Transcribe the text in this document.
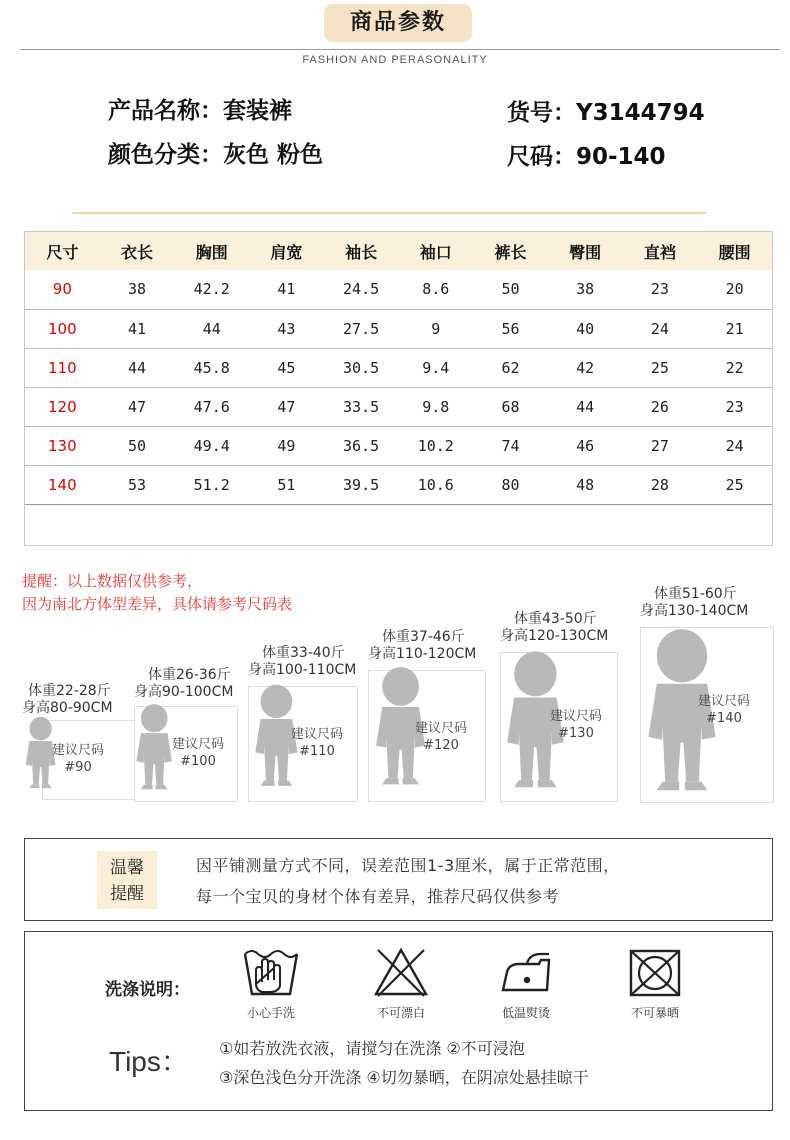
商品参数
FASHION AND PERASONALITY
产品名称：套装裤
颜色分类：灰色 粉色
货号：Y3144794
尺码：90-140
尺寸	衣长	胸围	肩宽	袖长	袖口	裤长	臀围	直裆	腰围
90	38	42.2	41	24.5	8.6	50	38	23	20
100	41	44	43	27.5	9	56	40	24	21
110	44	45.8	45	30.5	9.4	62	42	25	22
120	47	47.6	47	33.5	9.8	68	44	26	23
130	50	49.4	49	36.5	10.2	74	46	27	24
140	53	51.2	51	39.5	10.6	80	48	28	25
提醒：以上数据仅供参考，
因为南北方体型差异，具体请参考尺码表
体重22-28斤
身高80-90CM
建议尺码
#90
体重26-36斤
身高90-100CM
建议尺码
#100
体重33-40斤
身高100-110CM
建议尺码
#110
体重37-46斤
身高110-120CM
建议尺码
#120
体重43-50斤
身高120-130CM
建议尺码
#130
体重51-60斤
身高130-140CM
建议尺码
#140
温馨
提醒
因平铺测量方式不同，误差范围1-3厘米，属于正常范围，
每一个宝贝的身材个体有差异，推荐尺码仅供参考
洗涤说明：
小心手洗	不可漂白	低温熨烫	不可暴晒
Tips： ①如若放洗衣液，请搅匀在洗涤 ②不可浸泡
③深色浅色分开洗涤 ④切勿暴晒，在阴凉处悬挂晾干
